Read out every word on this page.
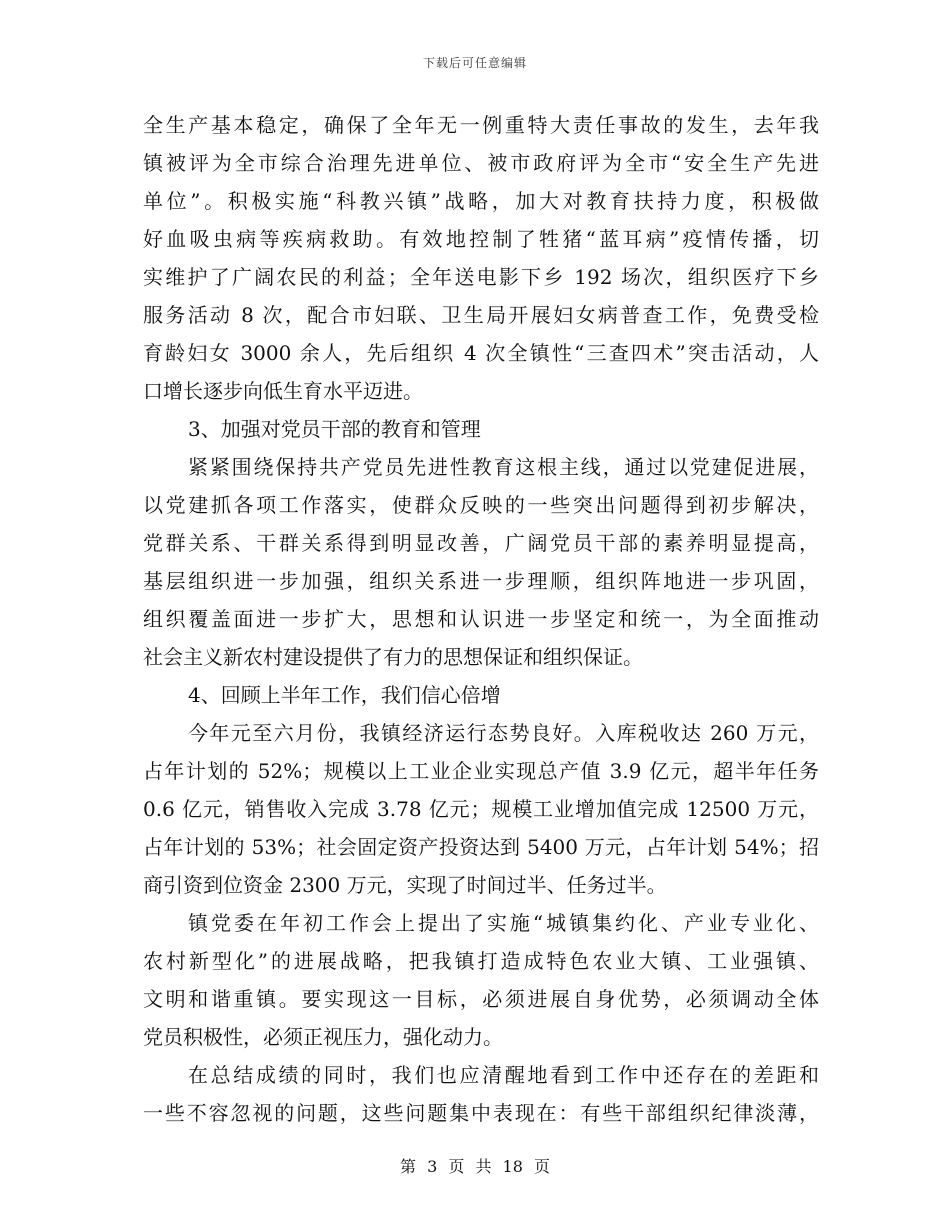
下载后可任意编辑
全生产基本稳定，确保了全年无一例重特大责任事故的发生，去年我
镇被评为全市综合治理先进单位、被市政府评为全市“安全生产先进
单位”。积极实施“科教兴镇”战略，加大对教育扶持力度，积极做
好血吸虫病等疾病救助。有效地控制了牲猪“蓝耳病”疫情传播，切
实维护了广阔农民的利益；全年送电影下乡 192 场次，组织医疗下乡
服务活动 8 次，配合市妇联、卫生局开展妇女病普查工作，免费受检
育龄妇女 3000 余人，先后组织 4 次全镇性“三查四术”突击活动，人
口增长逐步向低生育水平迈进。
3、加强对党员干部的教育和管理
紧紧围绕保持共产党员先进性教育这根主线，通过以党建促进展，
以党建抓各项工作落实，使群众反映的一些突出问题得到初步解决，
党群关系、干群关系得到明显改善，广阔党员干部的素养明显提高，
基层组织进一步加强，组织关系进一步理顺，组织阵地进一步巩固，
组织覆盖面进一步扩大，思想和认识进一步坚定和统一，为全面推动
社会主义新农村建设提供了有力的思想保证和组织保证。
4、回顾上半年工作，我们信心倍增
今年元至六月份，我镇经济运行态势良好。入库税收达 260 万元，
占年计划的 52%；规模以上工业企业实现总产值 3.9 亿元，超半年任务
0.6 亿元，销售收入完成 3.78 亿元；规模工业增加值完成 12500 万元，
占年计划的 53%；社会固定资产投资达到 5400 万元，占年计划 54%；招
商引资到位资金 2300 万元，实现了时间过半、任务过半。
镇党委在年初工作会上提出了实施“城镇集约化、产业专业化、
农村新型化”的进展战略，把我镇打造成特色农业大镇、工业强镇、
文明和谐重镇。要实现这一目标，必须进展自身优势，必须调动全体
党员积极性，必须正视压力，强化动力。
在总结成绩的同时，我们也应清醒地看到工作中还存在的差距和
一些不容忽视的问题，这些问题集中表现在：有些干部组织纪律淡薄，
第 3 页 共 18 页
